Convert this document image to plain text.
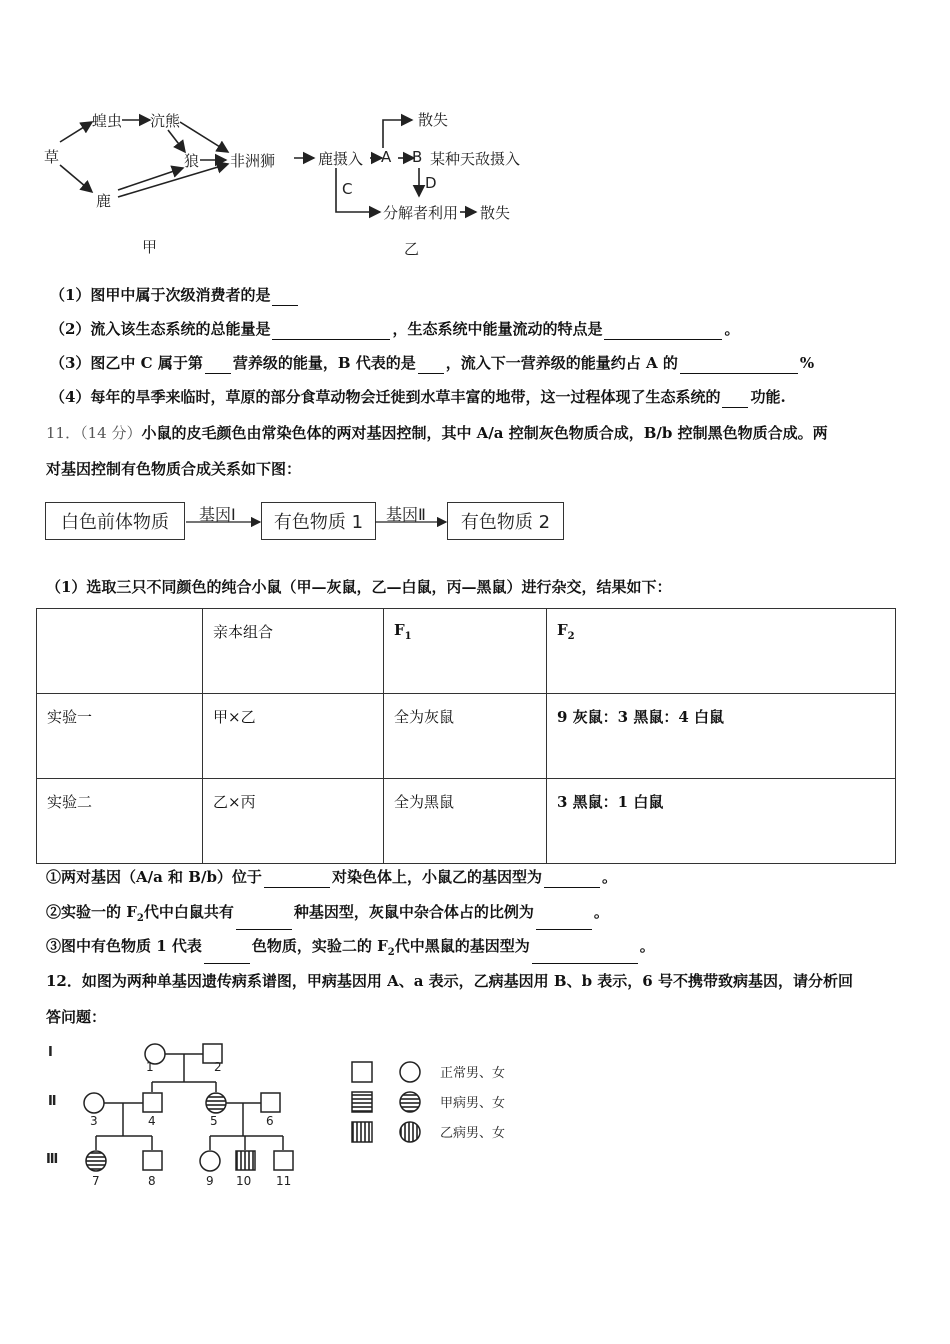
草
蝗虫 沆熊
狼
鹿
非洲狮
甲
鹿摄入 A B
散失
某种天敌摄入
C	D
分解者利用 散失
乙
（1）图甲中属于次级消费者的是
（2）流入该生态系统的总能量是	，生态系统中能量流动的特点是	。
（3）图乙中 C 属于第 营养级的能量，B 代表的是 ，流入下一营养级的能量约占 A 的	%
（4）每年的旱季来临时，草原的部分食草动物会迁徙到水草丰富的地带，这一过程体现了生态系统的 功能.
11．（14 分）小鼠的皮毛颜色由常染色体的两对基因控制，其中 A/a 控制灰色物质合成，B/b 控制黑色物质合成。两
对基因控制有色物质合成关系如下图：
白色前体物质	有色物质 1	有色物质 2
基因Ⅰ	基因Ⅱ
（1）选取三只不同颜色的纯合小鼠（甲—灰鼠，乙—白鼠，丙—黑鼠）进行杂交，结果如下：
	亲本组合	$F_1$	$F_2$
实验一	甲×乙	全为灰鼠	9 灰鼠：3 黑鼠：4 白鼠
实验二	乙×丙	全为黑鼠	3 黑鼠：1 白鼠
①两对基因（A/a 和 B/b）位于	对染色体上，小鼠乙的基因型为	。
②实验一的 $F_2$代中白鼠共有	种基因型，灰鼠中杂合体占的比例为	。
③图中有色物质 1 代表	色物质，实验二的 $F_2$代中黑鼠的基因型为	。
12．如图为两种单基因遗传病系谱图，甲病基因用 A、a 表示，乙病基因用 B、b 表示，6 号不携带致病基因，请分析回
答问题：
Ⅰ
Ⅱ
Ⅲ
1	2
3	4	5	6
7	8	9 10 11
正常男、女
甲病男、女
乙病男、女
